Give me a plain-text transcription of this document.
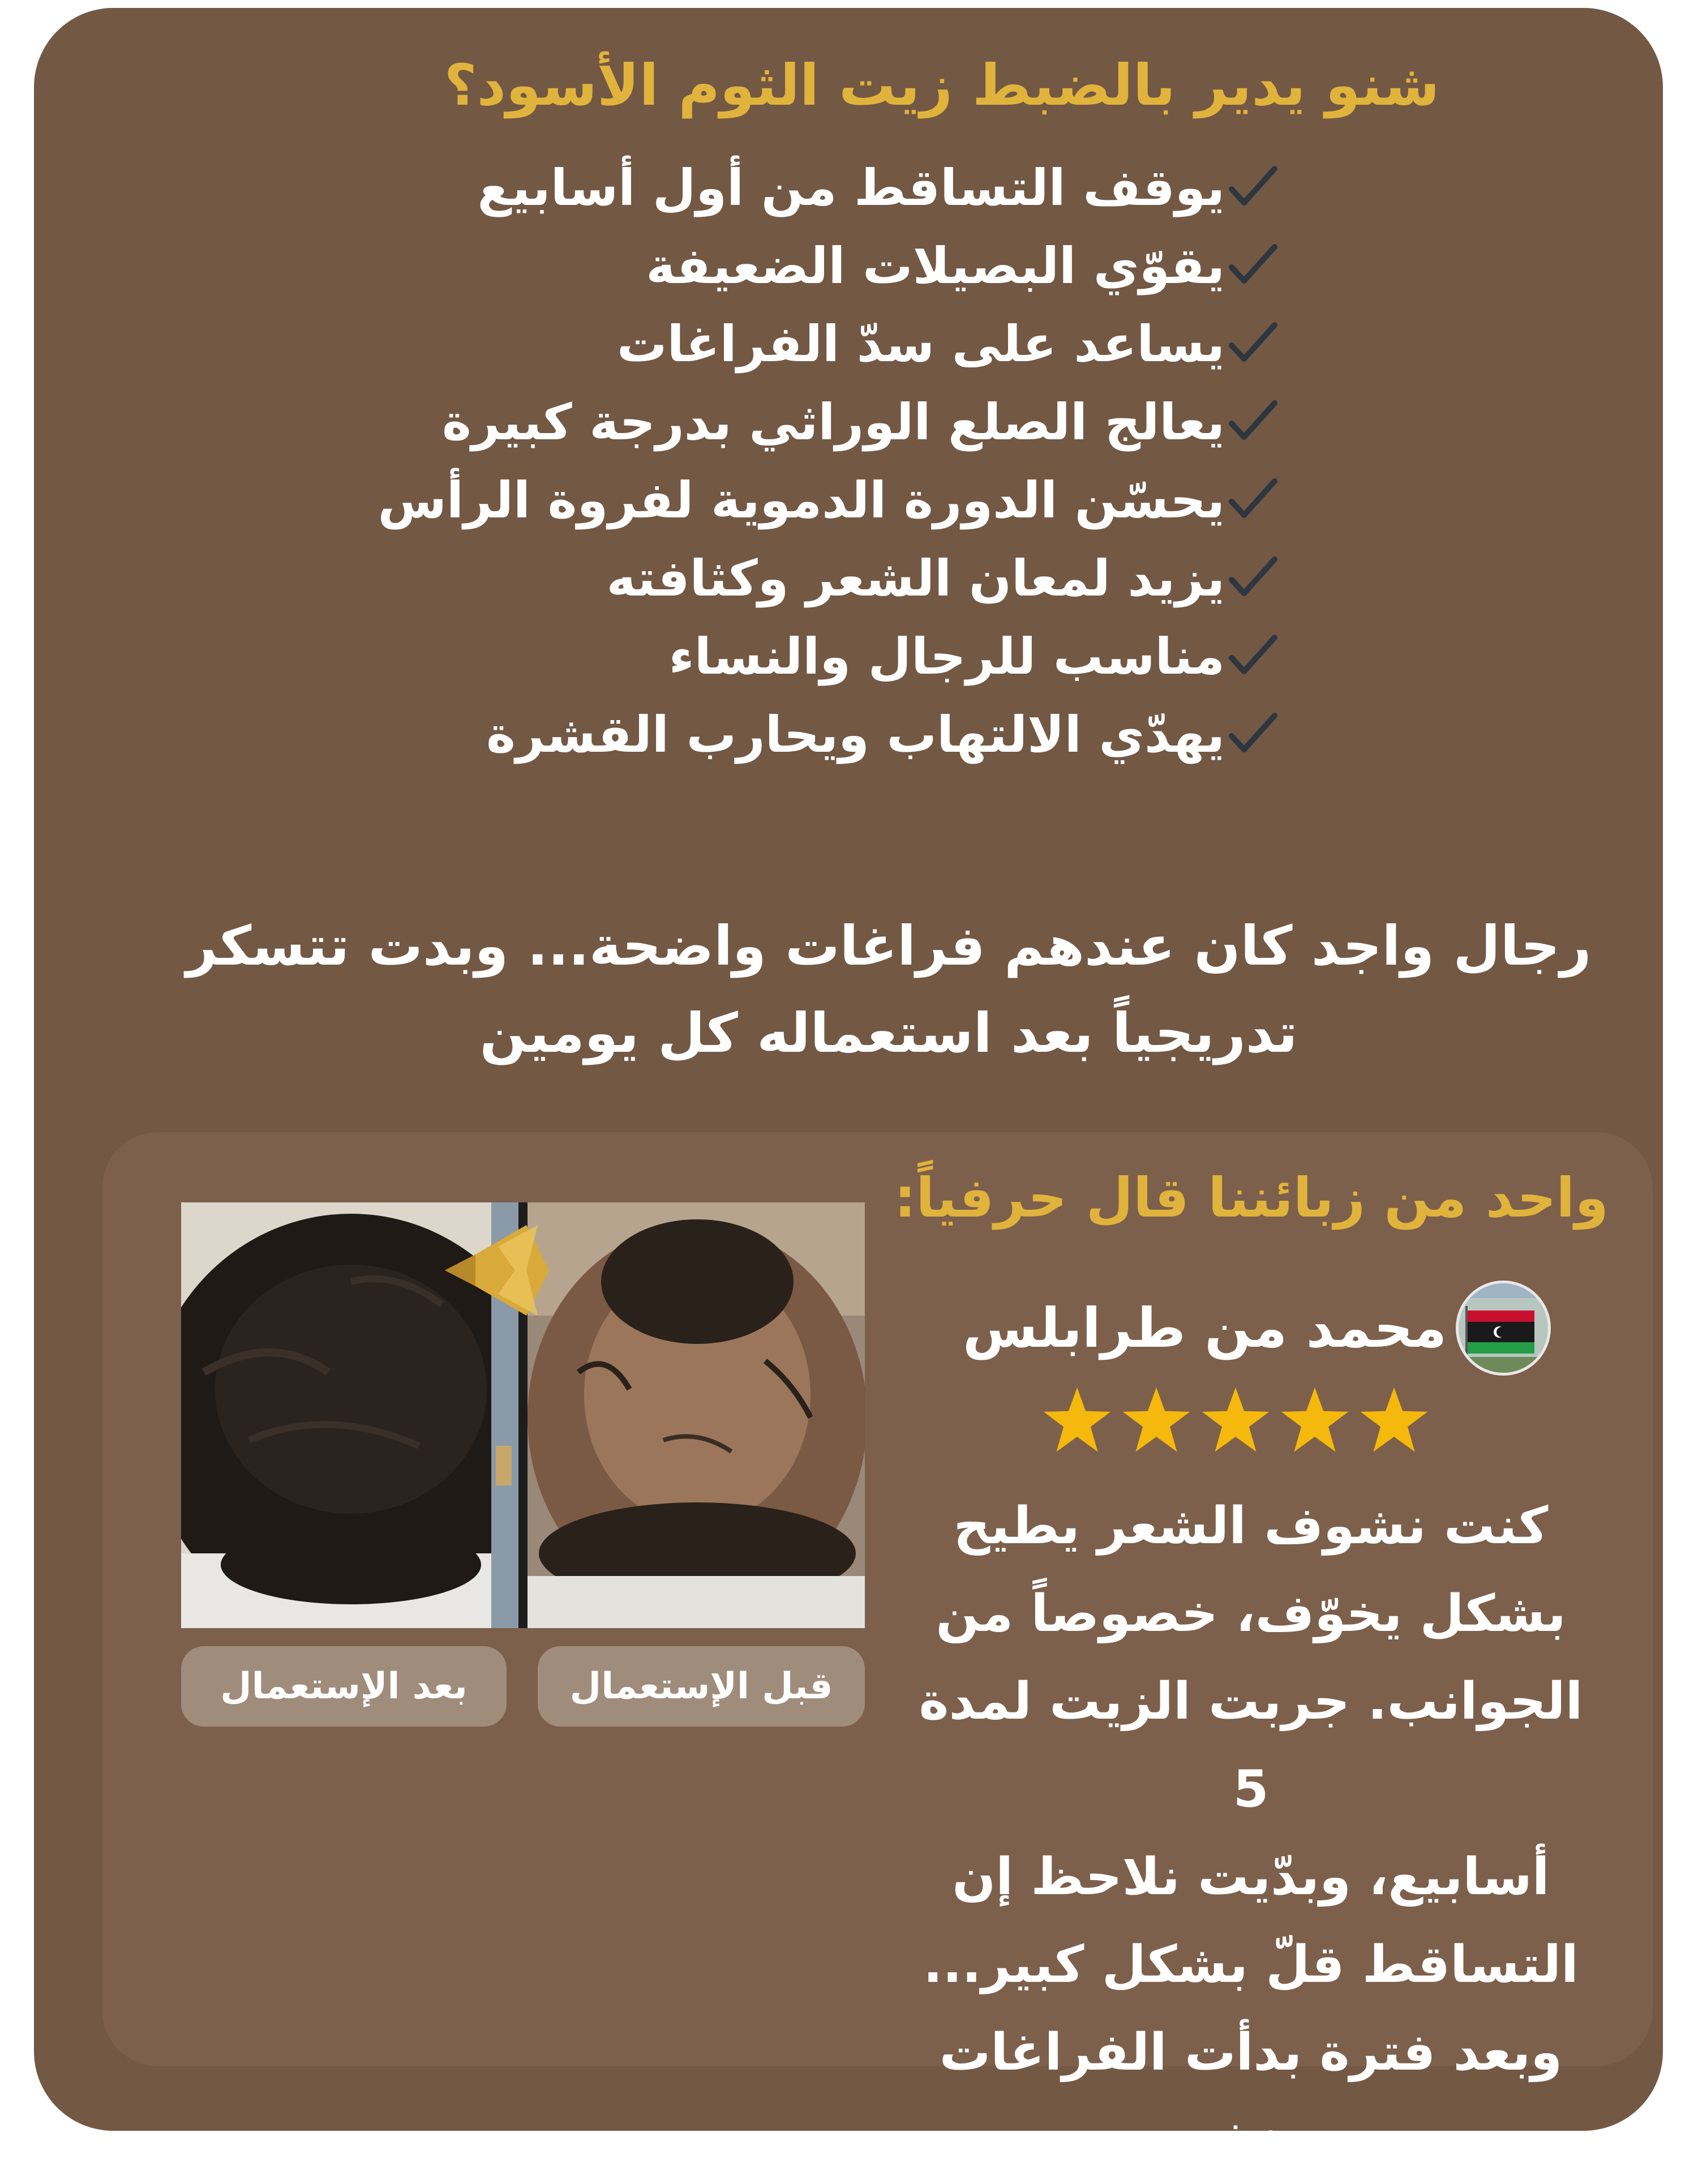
شنو يدير بالضبط زيت الثوم الأسود؟
يوقف التساقط من أول أسابيع
يقوّي البصيلات الضعيفة
يساعد على سدّ الفراغات
يعالج الصلع الوراثي بدرجة كبيرة
يحسّن الدورة الدموية لفروة الرأس
يزيد لمعان الشعر وكثافته
مناسب للرجال والنساء
يهدّي الالتهاب ويحارب القشرة
رجال واجد كان عندهم فراغات واضحة... وبدت تتسكر
تدريجياً بعد استعماله كل يومين
واحد من زبائننا قال حرفياً:
محمد من طرابلس
كنت نشوف الشعر يطيح
بشكل يخوّف، خصوصاً من
الجوانب. جربت الزيت لمدة 5
أسابيع، وبدّيت نلاحظ إن
التساقط قلّ بشكل كبير...
وبعد فترة بدأت الفراغات
تخف
بعد الإستعمال	قبل الإستعمال
